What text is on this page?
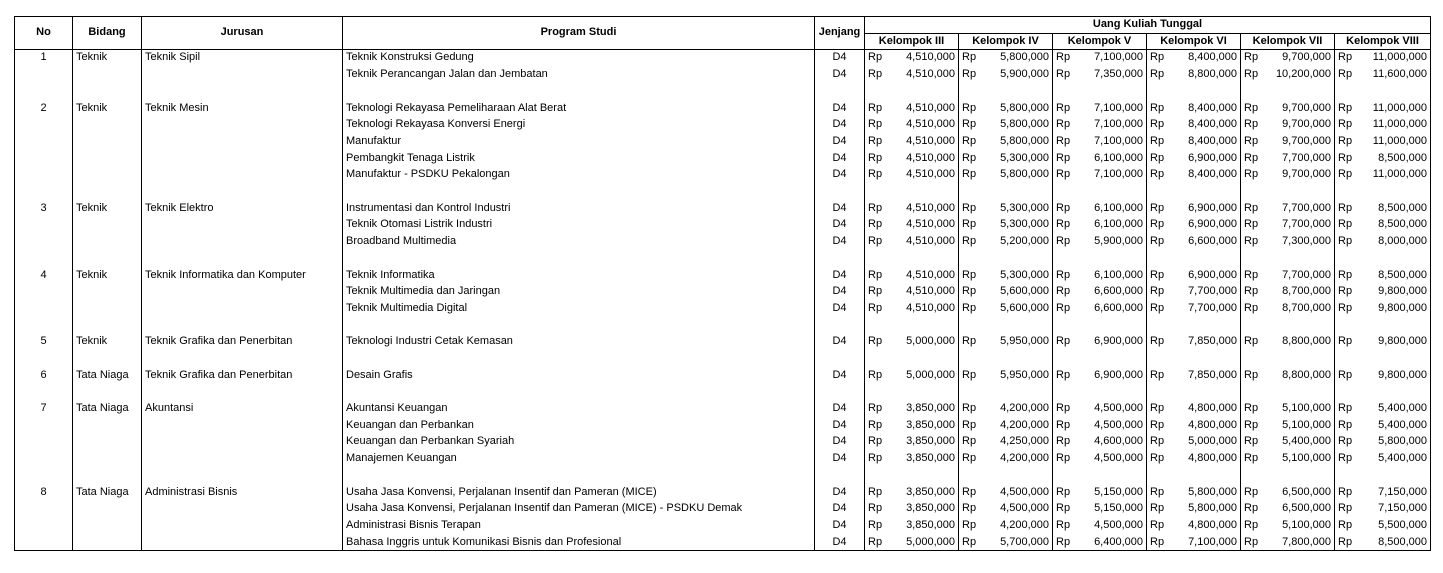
No	Bidang	Jurusan	Program Studi	Jenjang	Uang Kuliah Tunggal					
					Kelompok III	Kelompok IV	Kelompok V	Kelompok VI	Kelompok VII	Kelompok VIII
1	Teknik	Teknik Sipil	Teknik Konstruksi Gedung	D4	Rp 4,510,000	Rp 5,800,000	Rp 7,100,000	Rp 8,400,000	Rp 9,700,000	Rp 11,000,000

			Teknik Perancangan Jalan dan Jembatan	D4	Rp 4,510,000	Rp 5,900,000	Rp 7,350,000	Rp 8,800,000	Rp 10,200,000	Rp 11,600,000

2	Teknik	Teknik Mesin	Teknologi Rekayasa Pemeliharaan Alat Berat	D4	Rp 4,510,000	Rp 5,800,000	Rp 7,100,000	Rp 8,400,000	Rp 9,700,000	Rp 11,000,000

			Teknologi Rekayasa Konversi Energi	D4	Rp 4,510,000	Rp 5,800,000	Rp 7,100,000	Rp 8,400,000	Rp 9,700,000	Rp 11,000,000

			Manufaktur	D4	Rp 4,510,000	Rp 5,800,000	Rp 7,100,000	Rp 8,400,000	Rp 9,700,000	Rp 11,000,000

			Pembangkit Tenaga Listrik	D4	Rp 4,510,000	Rp 5,300,000	Rp 6,100,000	Rp 6,900,000	Rp 7,700,000	Rp 8,500,000

			Manufaktur - PSDKU Pekalongan	D4	Rp 4,510,000	Rp 5,800,000	Rp 7,100,000	Rp 8,400,000	Rp 9,700,000	Rp 11,000,000

3	Teknik	Teknik Elektro	Instrumentasi dan Kontrol Industri	D4	Rp 4,510,000	Rp 5,300,000	Rp 6,100,000	Rp 6,900,000	Rp 7,700,000	Rp 8,500,000

			Teknik Otomasi Listrik Industri	D4	Rp 4,510,000	Rp 5,300,000	Rp 6,100,000	Rp 6,900,000	Rp 7,700,000	Rp 8,500,000

			Broadband Multimedia	D4	Rp 4,510,000	Rp 5,200,000	Rp 5,900,000	Rp 6,600,000	Rp 7,300,000	Rp 8,000,000

4	Teknik	Teknik Informatika dan Komputer	Teknik Informatika	D4	Rp 4,510,000	Rp 5,300,000	Rp 6,100,000	Rp 6,900,000	Rp 7,700,000	Rp 8,500,000

			Teknik Multimedia dan Jaringan	D4	Rp 4,510,000	Rp 5,600,000	Rp 6,600,000	Rp 7,700,000	Rp 8,700,000	Rp 9,800,000

			Teknik Multimedia Digital	D4	Rp 4,510,000	Rp 5,600,000	Rp 6,600,000	Rp 7,700,000	Rp 8,700,000	Rp 9,800,000

5	Teknik	Teknik Grafika dan Penerbitan	Teknologi Industri Cetak Kemasan	D4	Rp 5,000,000	Rp 5,950,000	Rp 6,900,000	Rp 7,850,000	Rp 8,800,000	Rp 9,800,000

6	Tata Niaga	Teknik Grafika dan Penerbitan	Desain Grafis	D4	Rp 5,000,000	Rp 5,950,000	Rp 6,900,000	Rp 7,850,000	Rp 8,800,000	Rp 9,800,000

7	Tata Niaga	Akuntansi	Akuntansi Keuangan	D4	Rp 3,850,000	Rp 4,200,000	Rp 4,500,000	Rp 4,800,000	Rp 5,100,000	Rp 5,400,000

			Keuangan dan Perbankan	D4	Rp 3,850,000	Rp 4,200,000	Rp 4,500,000	Rp 4,800,000	Rp 5,100,000	Rp 5,400,000

			Keuangan dan Perbankan Syariah	D4	Rp 3,850,000	Rp 4,250,000	Rp 4,600,000	Rp 5,000,000	Rp 5,400,000	Rp 5,800,000

			Manajemen Keuangan	D4	Rp 3,850,000	Rp 4,200,000	Rp 4,500,000	Rp 4,800,000	Rp 5,100,000	Rp 5,400,000

8	Tata Niaga	Administrasi Bisnis	Usaha Jasa Konvensi, Perjalanan Insentif dan Pameran (MICE)	D4	Rp 3,850,000	Rp 4,500,000	Rp 5,150,000	Rp 5,800,000	Rp 6,500,000	Rp 7,150,000

			Usaha Jasa Konvensi, Perjalanan Insentif dan Pameran (MICE) - PSDKU Demak	D4	Rp 3,850,000	Rp 4,500,000	Rp 5,150,000	Rp 5,800,000	Rp 6,500,000	Rp 7,150,000

			Administrasi Bisnis Terapan	D4	Rp 3,850,000	Rp 4,200,000	Rp 4,500,000	Rp 4,800,000	Rp 5,100,000	Rp 5,500,000

			Bahasa Inggris untuk Komunikasi Bisnis dan Profesional	D4	Rp 5,000,000	Rp 5,700,000	Rp 6,400,000	Rp 7,100,000	Rp 7,800,000	Rp 8,500,000
